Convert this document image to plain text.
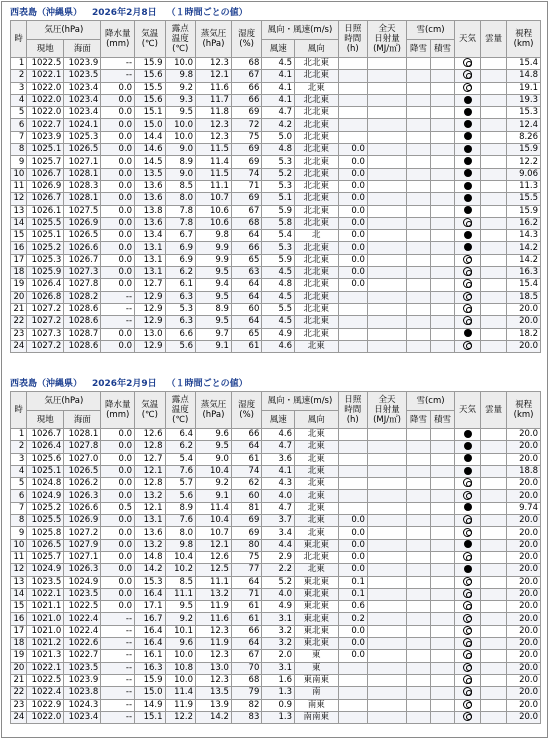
西表島（沖縄県） 2026年2月8日 （１時間ごとの値）
時	気圧(hPa)		降水量
(mm)	気温
(℃)	露点
温度
(℃)	蒸気圧
(hPa)	湿度
(%)	風向・風速(m/s)		日照
時間
(h)	全天
日射量
(MJ/㎡)	雪(cm)		天気	雲量	視程
(km)
	現地	海面						風速	風向			降雪	積雪			
1	1022.5	1023.9	--	15.9	10.0	12.3	68	4.5	北北東							15.4
2	1022.1	1023.5	--	15.6	9.8	12.1	67	4.1	北北東							14.8
3	1022.0	1023.4	0.0	15.5	9.2	11.6	66	4.1	北東							19.1
4	1022.0	1023.4	0.0	15.6	9.3	11.7	66	4.1	北北東							19.3
5	1022.0	1023.4	0.0	15.1	9.5	11.8	69	4.7	北北東							15.3
6	1022.7	1024.1	0.0	15.0	10.0	12.3	72	4.2	北北東							12.4
7	1023.9	1025.3	0.0	14.4	10.0	12.3	75	5.0	北北東							8.26
8	1025.1	1026.5	0.0	14.6	9.0	11.5	69	4.8	北北東	0.0						15.9
9	1025.7	1027.1	0.0	14.5	8.9	11.4	69	5.3	北北東	0.0						12.2
10	1026.7	1028.1	0.0	13.5	9.0	11.5	74	5.2	北北東	0.0						9.06
11	1026.9	1028.3	0.0	13.6	8.5	11.1	71	5.3	北北東	0.0						11.3
12	1026.7	1028.1	0.0	13.6	8.0	10.7	69	5.1	北北東	0.0						15.5
13	1026.1	1027.5	0.0	13.8	7.8	10.6	67	5.9	北北東	0.0						15.9
14	1025.5	1026.9	0.0	13.6	7.8	10.6	68	5.8	北北東	0.0						16.2
15	1025.1	1026.5	0.0	13.4	6.7	9.8	64	5.4	北	0.0						14.3
16	1025.2	1026.6	0.0	13.1	6.9	9.9	66	5.3	北北東	0.0						14.2
17	1025.3	1026.7	0.0	13.1	6.9	9.9	65	5.9	北北東	0.0						14.2
18	1025.9	1027.3	0.0	13.1	6.2	9.5	63	4.5	北北東	0.0						16.3
19	1026.4	1027.8	0.0	12.7	6.1	9.4	64	4.8	北北東	0.0						15.4
20	1026.8	1028.2	--	12.9	6.3	9.5	64	4.5	北北東							18.5
21	1027.2	1028.6	--	12.9	5.3	8.9	60	5.5	北北東							20.0
22	1027.2	1028.6	--	12.9	6.3	9.5	64	4.5	北北東							20.0
23	1027.3	1028.7	0.0	13.0	6.6	9.7	65	4.9	北北東							18.2
24	1027.2	1028.6	0.0	12.9	5.6	9.1	61	4.6	北東							20.0
西表島（沖縄県） 2026年2月9日 （１時間ごとの値）
時	気圧(hPa)		降水量
(mm)	気温
(℃)	露点
温度
(℃)	蒸気圧
(hPa)	湿度
(%)	風向・風速(m/s)		日照
時間
(h)	全天
日射量
(MJ/㎡)	雪(cm)		天気	雲量	視程
(km)
	現地	海面						風速	風向			降雪	積雪			
1	1026.7	1028.1	0.0	12.6	6.4	9.6	66	4.6	北東							20.0
2	1026.4	1027.8	0.0	12.8	6.2	9.5	64	4.7	北東							20.0
3	1025.6	1027.0	0.0	12.7	5.4	9.0	61	3.6	北東							20.0
4	1025.1	1026.5	0.0	12.1	7.6	10.4	74	4.1	北東							18.8
5	1024.8	1026.2	0.0	12.8	5.7	9.2	62	4.3	北東							20.0
6	1024.9	1026.3	0.0	13.2	5.6	9.1	60	4.0	北東							20.0
7	1025.2	1026.6	0.5	12.1	8.9	11.4	81	4.7	北東							9.74
8	1025.5	1026.9	0.0	13.1	7.6	10.4	69	3.7	北東	0.0						20.0
9	1025.8	1027.2	0.0	13.6	8.0	10.7	69	3.4	北東	0.0						20.0
10	1026.5	1027.9	0.0	13.2	9.8	12.1	80	4.4	東北東	0.0						20.0
11	1025.7	1027.1	0.0	14.8	10.4	12.6	75	2.9	北北東	0.0						20.0
12	1024.9	1026.3	0.0	14.2	10.2	12.5	77	2.2	北東	0.0						20.0
13	1023.5	1024.9	0.0	15.3	8.5	11.1	64	5.2	東北東	0.1						20.0
14	1022.1	1023.5	0.0	16.4	11.1	13.2	71	4.0	東北東	0.1						20.0
15	1021.1	1022.5	0.0	17.1	9.5	11.9	61	4.9	東北東	0.6						20.0
16	1021.0	1022.4	--	16.7	9.2	11.6	61	3.1	東北東	0.2						20.0
17	1021.0	1022.4	--	16.4	10.1	12.3	66	3.2	東北東	0.0						20.0
18	1021.2	1022.6	--	16.4	9.6	11.9	64	3.2	東北東	0.0						20.0
19	1021.3	1022.7	--	16.1	10.0	12.3	67	2.0	東	0.0						20.0
20	1022.1	1023.5	--	16.3	10.8	13.0	70	3.1	東							20.0
21	1022.5	1023.9	--	15.9	10.0	12.3	68	1.6	東南東							20.0
22	1022.4	1023.8	--	15.0	11.4	13.5	79	1.3	南							20.0
23	1022.9	1024.3	--	14.9	11.9	13.9	82	0.9	南東							20.0
24	1022.0	1023.4	--	15.1	12.2	14.2	83	1.3	南南東							20.0
